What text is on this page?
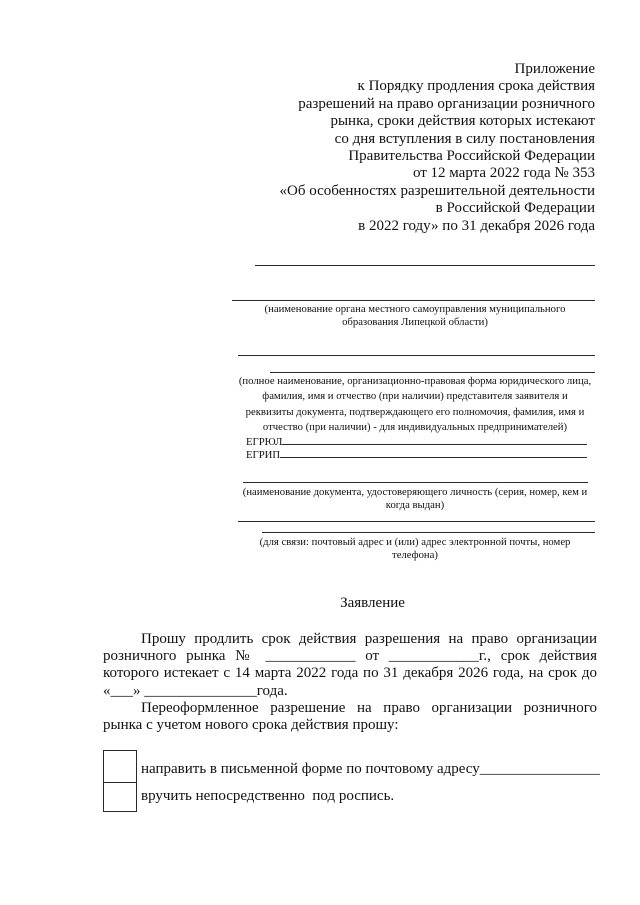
Приложение
к Порядку продления срока действия
разрешений на право организации розничного
рынка, сроки действия которых истекают
со дня вступления в силу постановления
Правительства Российской Федерации
от 12 марта 2022 года № 353
«Об особенностях разрешительной деятельности
в Российской Федерации
в 2022 году» по 31 декабря 2026 года
(наименование органа местного самоуправления муниципального
образования Липецкой области)
(полное наименование, организационно-правовая форма юридического лица,
фамилия, имя и отчество (при наличии) представителя заявителя и
реквизиты документа, подтверждающего его полномочия, фамилия, имя и
отчество (при наличии) - для индивидуальных предпринимателей)
ЕГРЮЛ
ЕГРИП
(наименование документа, удостоверяющего личность (серия, номер, кем и
когда выдан)
(для связи: почтовый адрес и (или) адрес электронной почты, номер
телефона)
Заявление
Прошу продлить срок действия разрешения на право организации
розничного рынка № ____________ от ____________г., срок действия
которого истекает с 14 марта 2022 года по 31 декабря 2026 года, на срок до
«___» _______________года.
Переоформленное разрешение на право организации розничного
рынка с учетом нового срока действия прошу:
направить в письменной форме по почтовому адресу________________
вручить непосредственно  под роспись.
